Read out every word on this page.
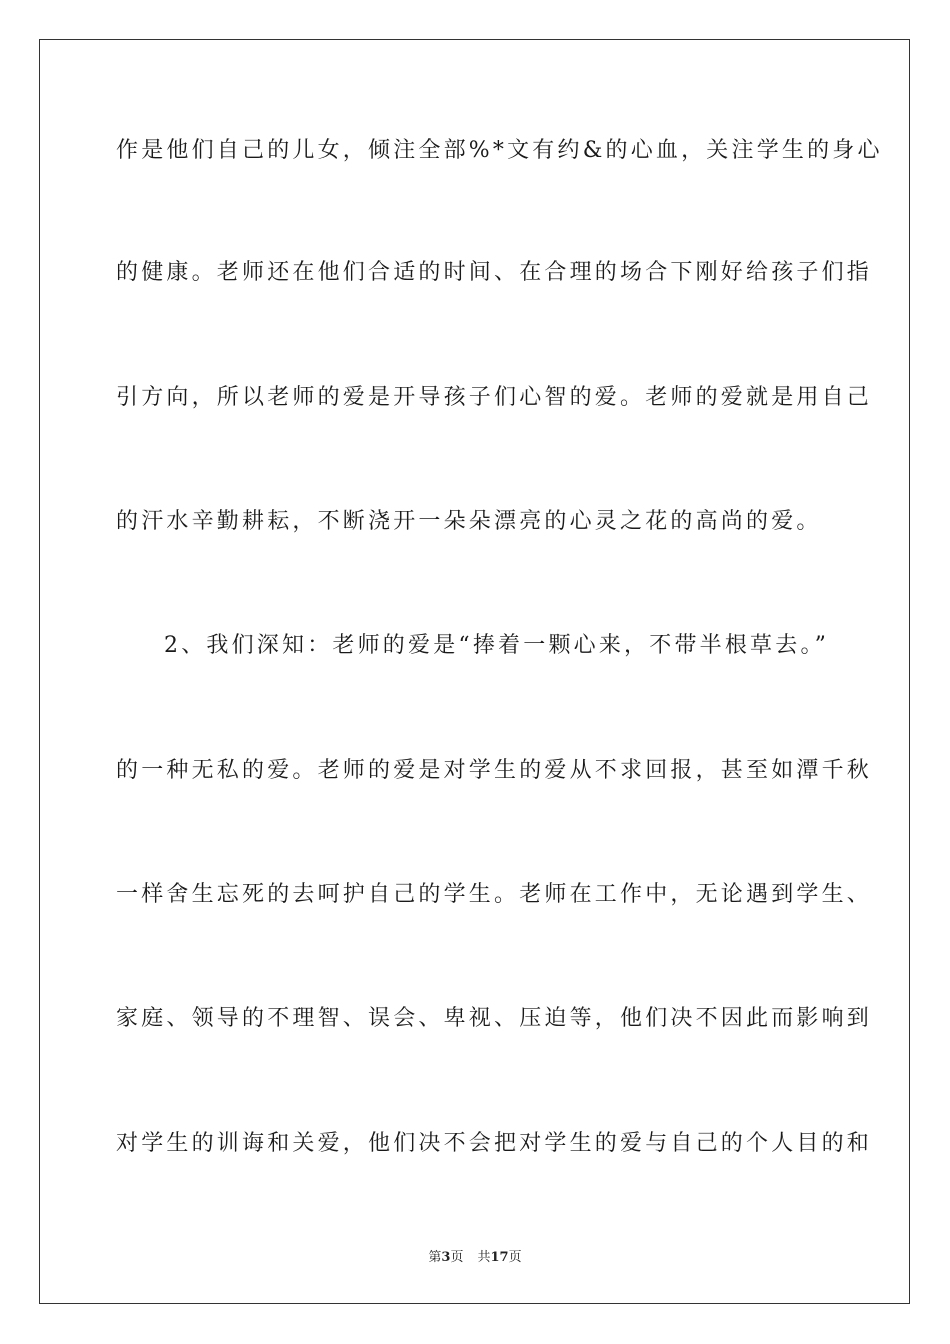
作是他们自己的儿女，倾注全部%*文有约&的心血，关注学生的身心
的健康。老师还在他们合适的时间、在合理的场合下刚好给孩子们指
引方向，所以老师的爱是开导孩子们心智的爱。老师的爱就是用自己
的汗水辛勤耕耘，不断浇开一朵朵漂亮的心灵之花的高尚的爱。
2、我们深知：老师的爱是“捧着一颗心来，不带半根草去。”
的一种无私的爱。老师的爱是对学生的爱从不求回报，甚至如潭千秋
一样舍生忘死的去呵护自己的学生。老师在工作中，无论遇到学生、
家庭、领导的不理智、误会、卑视、压迫等，他们决不因此而影响到
对学生的训诲和关爱，他们决不会把对学生的爱与自己的个人目的和
第3页 共17页
